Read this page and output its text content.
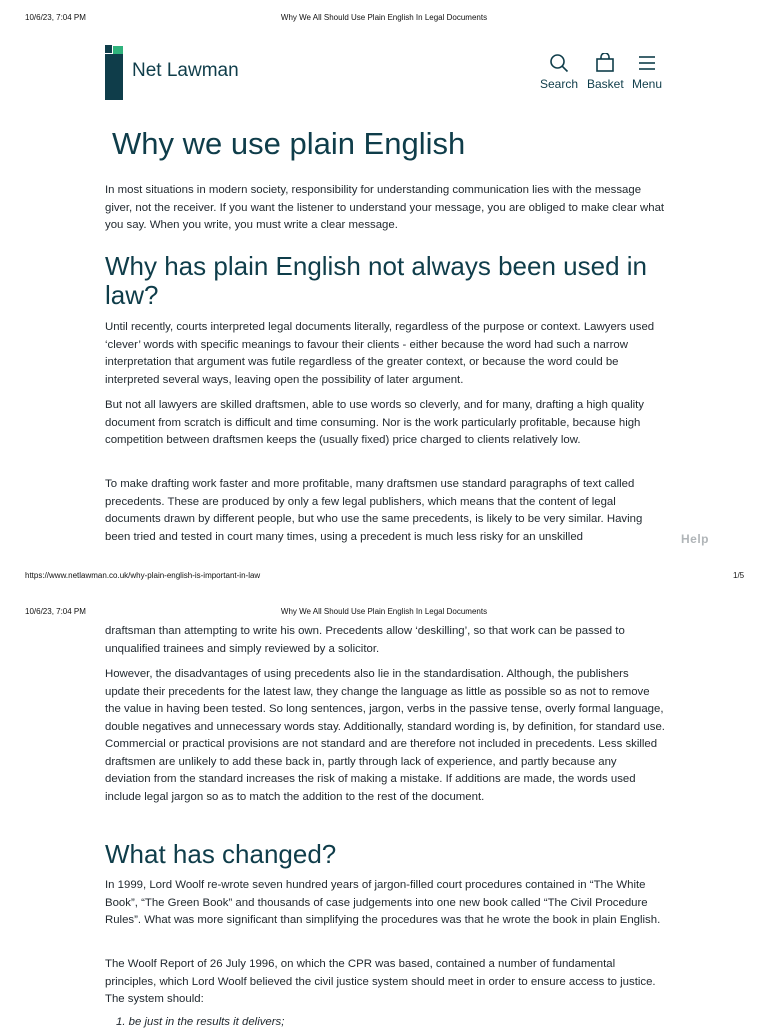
10/6/23, 7:04 PM	Why We All Should Use Plain English In Legal Documents
Net Lawman
Search Basket Menu
Why we use plain English

In most situations in modern society, responsibility for understanding communication lies with the message giver, not the receiver. If you want the listener to understand your message, you are obliged to make clear what you say. When you write, you must write a clear message.

Why has plain English not always been used in law?

Until recently, courts interpreted legal documents literally, regardless of the purpose or context. Lawyers used ‘clever’ words with specific meanings to favour their clients - either because the word had such a narrow interpretation that argument was futile regardless of the greater context, or because the word could be interpreted several ways, leaving open the possibility of later argument.

But not all lawyers are skilled draftsmen, able to use words so cleverly, and for many, drafting a high quality document from scratch is difficult and time consuming. Nor is the work particularly profitable, because high competition between draftsmen keeps the (usually fixed) price charged to clients relatively low.

To make drafting work faster and more profitable, many draftsmen use standard paragraphs of text called precedents. These are produced by only a few legal publishers, which means that the content of legal documents drawn by different people, but who use the same precedents, is likely to be very similar. Having been tried and tested in court many times, using a precedent is much less risky for an unskilled	Help
https://www.netlawman.co.uk/why-plain-english-is-important-in-law	1/5
10/6/23, 7:04 PM	Why We All Should Use Plain English In Legal Documents

draftsman than attempting to write his own. Precedents allow ‘deskilling’, so that work can be passed to unqualified trainees and simply reviewed by a solicitor.

However, the disadvantages of using precedents also lie in the standardisation. Although, the publishers update their precedents for the latest law, they change the language as little as possible so as not to remove the value in having been tested. So long sentences, jargon, verbs in the passive tense, overly formal language, double negatives and unnecessary words stay. Additionally, standard wording is, by definition, for standard use. Commercial or practical provisions are not standard and are therefore not included in precedents. Less skilled draftsmen are unlikely to add these back in, partly through lack of experience, and partly because any deviation from the standard increases the risk of making a mistake. If additions are made, the words used include legal jargon so as to match the addition to the rest of the document.

What has changed?

In 1999, Lord Woolf re-wrote seven hundred years of jargon-filled court procedures contained in “The White Book”, “The Green Book” and thousands of case judgements into one new book called “The Civil Procedure Rules”. What was more significant than simplifying the procedures was that he wrote the book in plain English.

The Woolf Report of 26 July 1996, on which the CPR was based, contained a number of fundamental principles, which Lord Woolf believed the civil justice system should meet in order to ensure access to justice. The system should:

1. be just in the results it delivers;
